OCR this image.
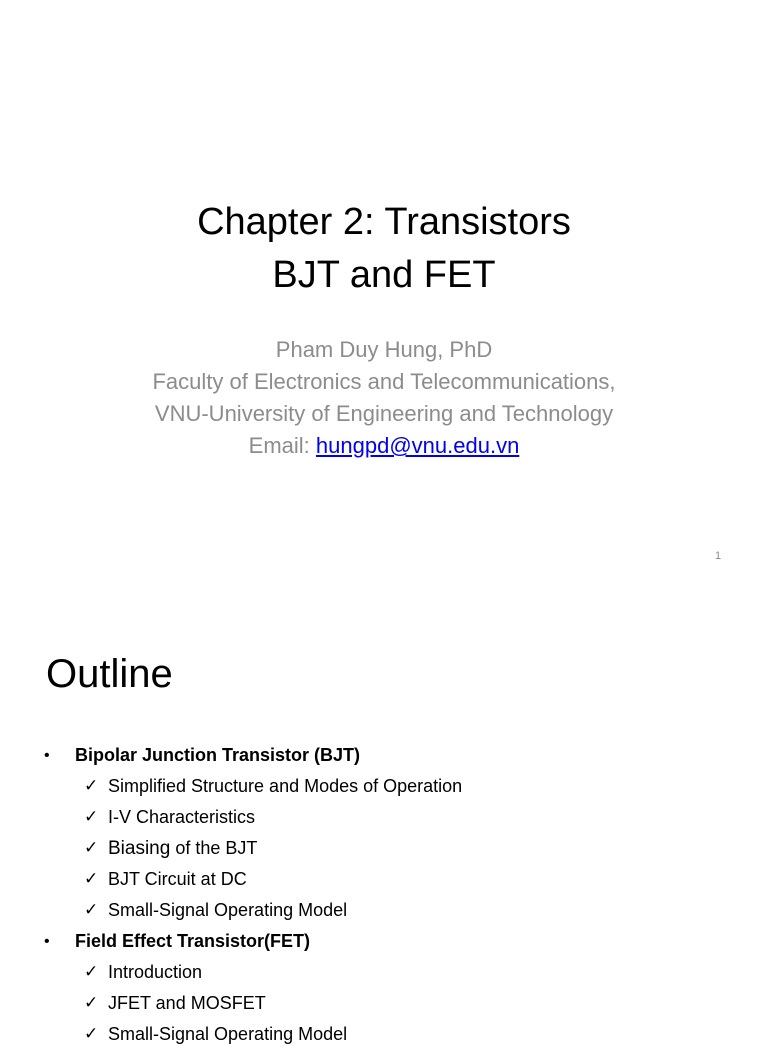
Chapter 2: Transistors
BJT and FET
Pham Duy Hung, PhD
Faculty of Electronics and Telecommunications,
VNU-University of Engineering and Technology
Email: hungpd@vnu.edu.vn
1
Outline
• Bipolar Junction Transistor (BJT)
✓ Simplified Structure and Modes of Operation
✓ I-V Characteristics
✓ Biasing of the BJT
✓ BJT Circuit at DC
✓ Small-Signal Operating Model
• Field Effect Transistor(FET)
✓ Introduction
✓ JFET and MOSFET
✓ Small-Signal Operating Model
